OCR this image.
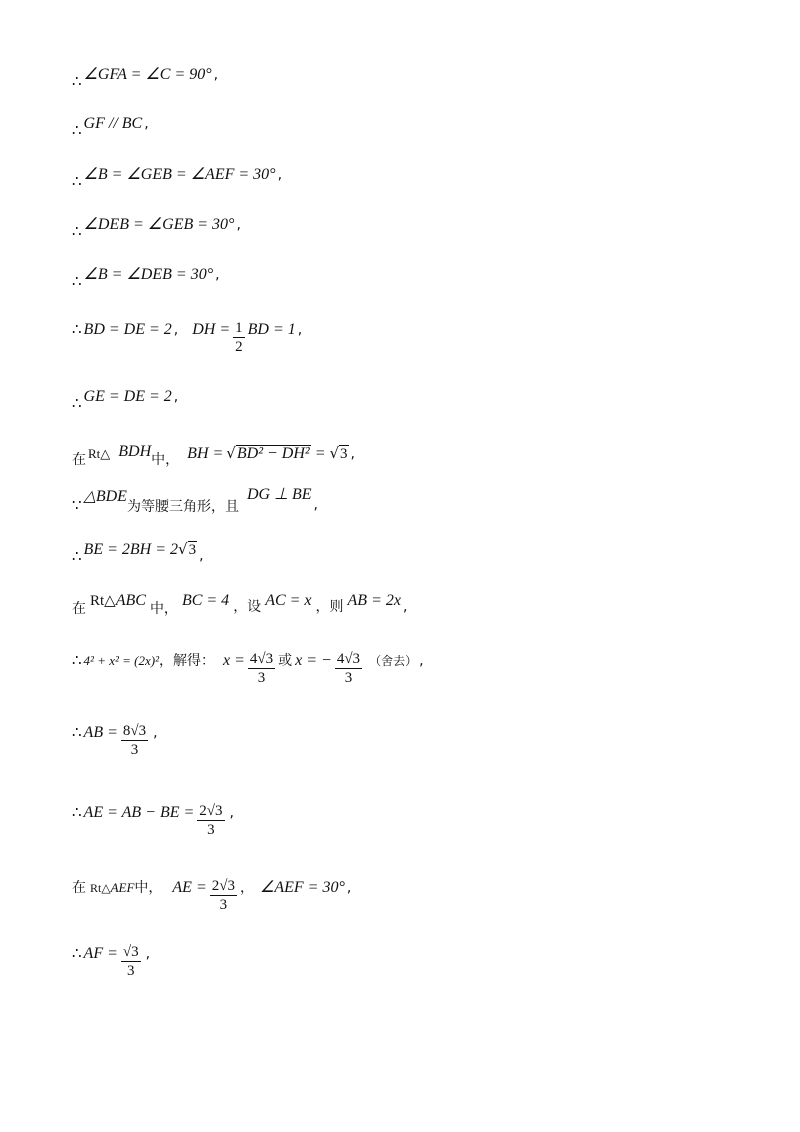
∴ ∠GFA = ∠C = 90° ,
∴ GF // BC ,
∴ ∠B = ∠GEB = ∠AEF = 30° ,
∴ ∠DEB = ∠GEB = 30° ,
∴ ∠B = ∠DEB = 30° ,
∴ BD = DE = 2 , DH = $\frac{1}{2}$ BD = 1 ,
∴ GE = DE = 2 ,
在 Rt△ BDH 中， BH = √ BD² − DH² = √ 3 ,
∵
△BDE
为等腰三角形，且
DG ⊥ BE
,
∴ BE = 2BH = 2 √ 3 ,
在 Rt△ ABC 中， BC = 4 ，设 AC = x ，则 AB = 2x ,
∴ 4² + x² = (2x)² ，解得： $x = \frac{4√3}{3}$ 或 x = − $\frac{4√3}{3}$ （舍去） ,
∴ AB = $\frac{8√3}{3}$ ,
∴ AE = AB − BE = $\frac{2√3}{3}$ ,
在 Rt△ AEF 中， AE = $\frac{2√3}{3}$ ， ∠AEF = 30° ,
∴ AF = $\frac{√3}{3}$ ,
